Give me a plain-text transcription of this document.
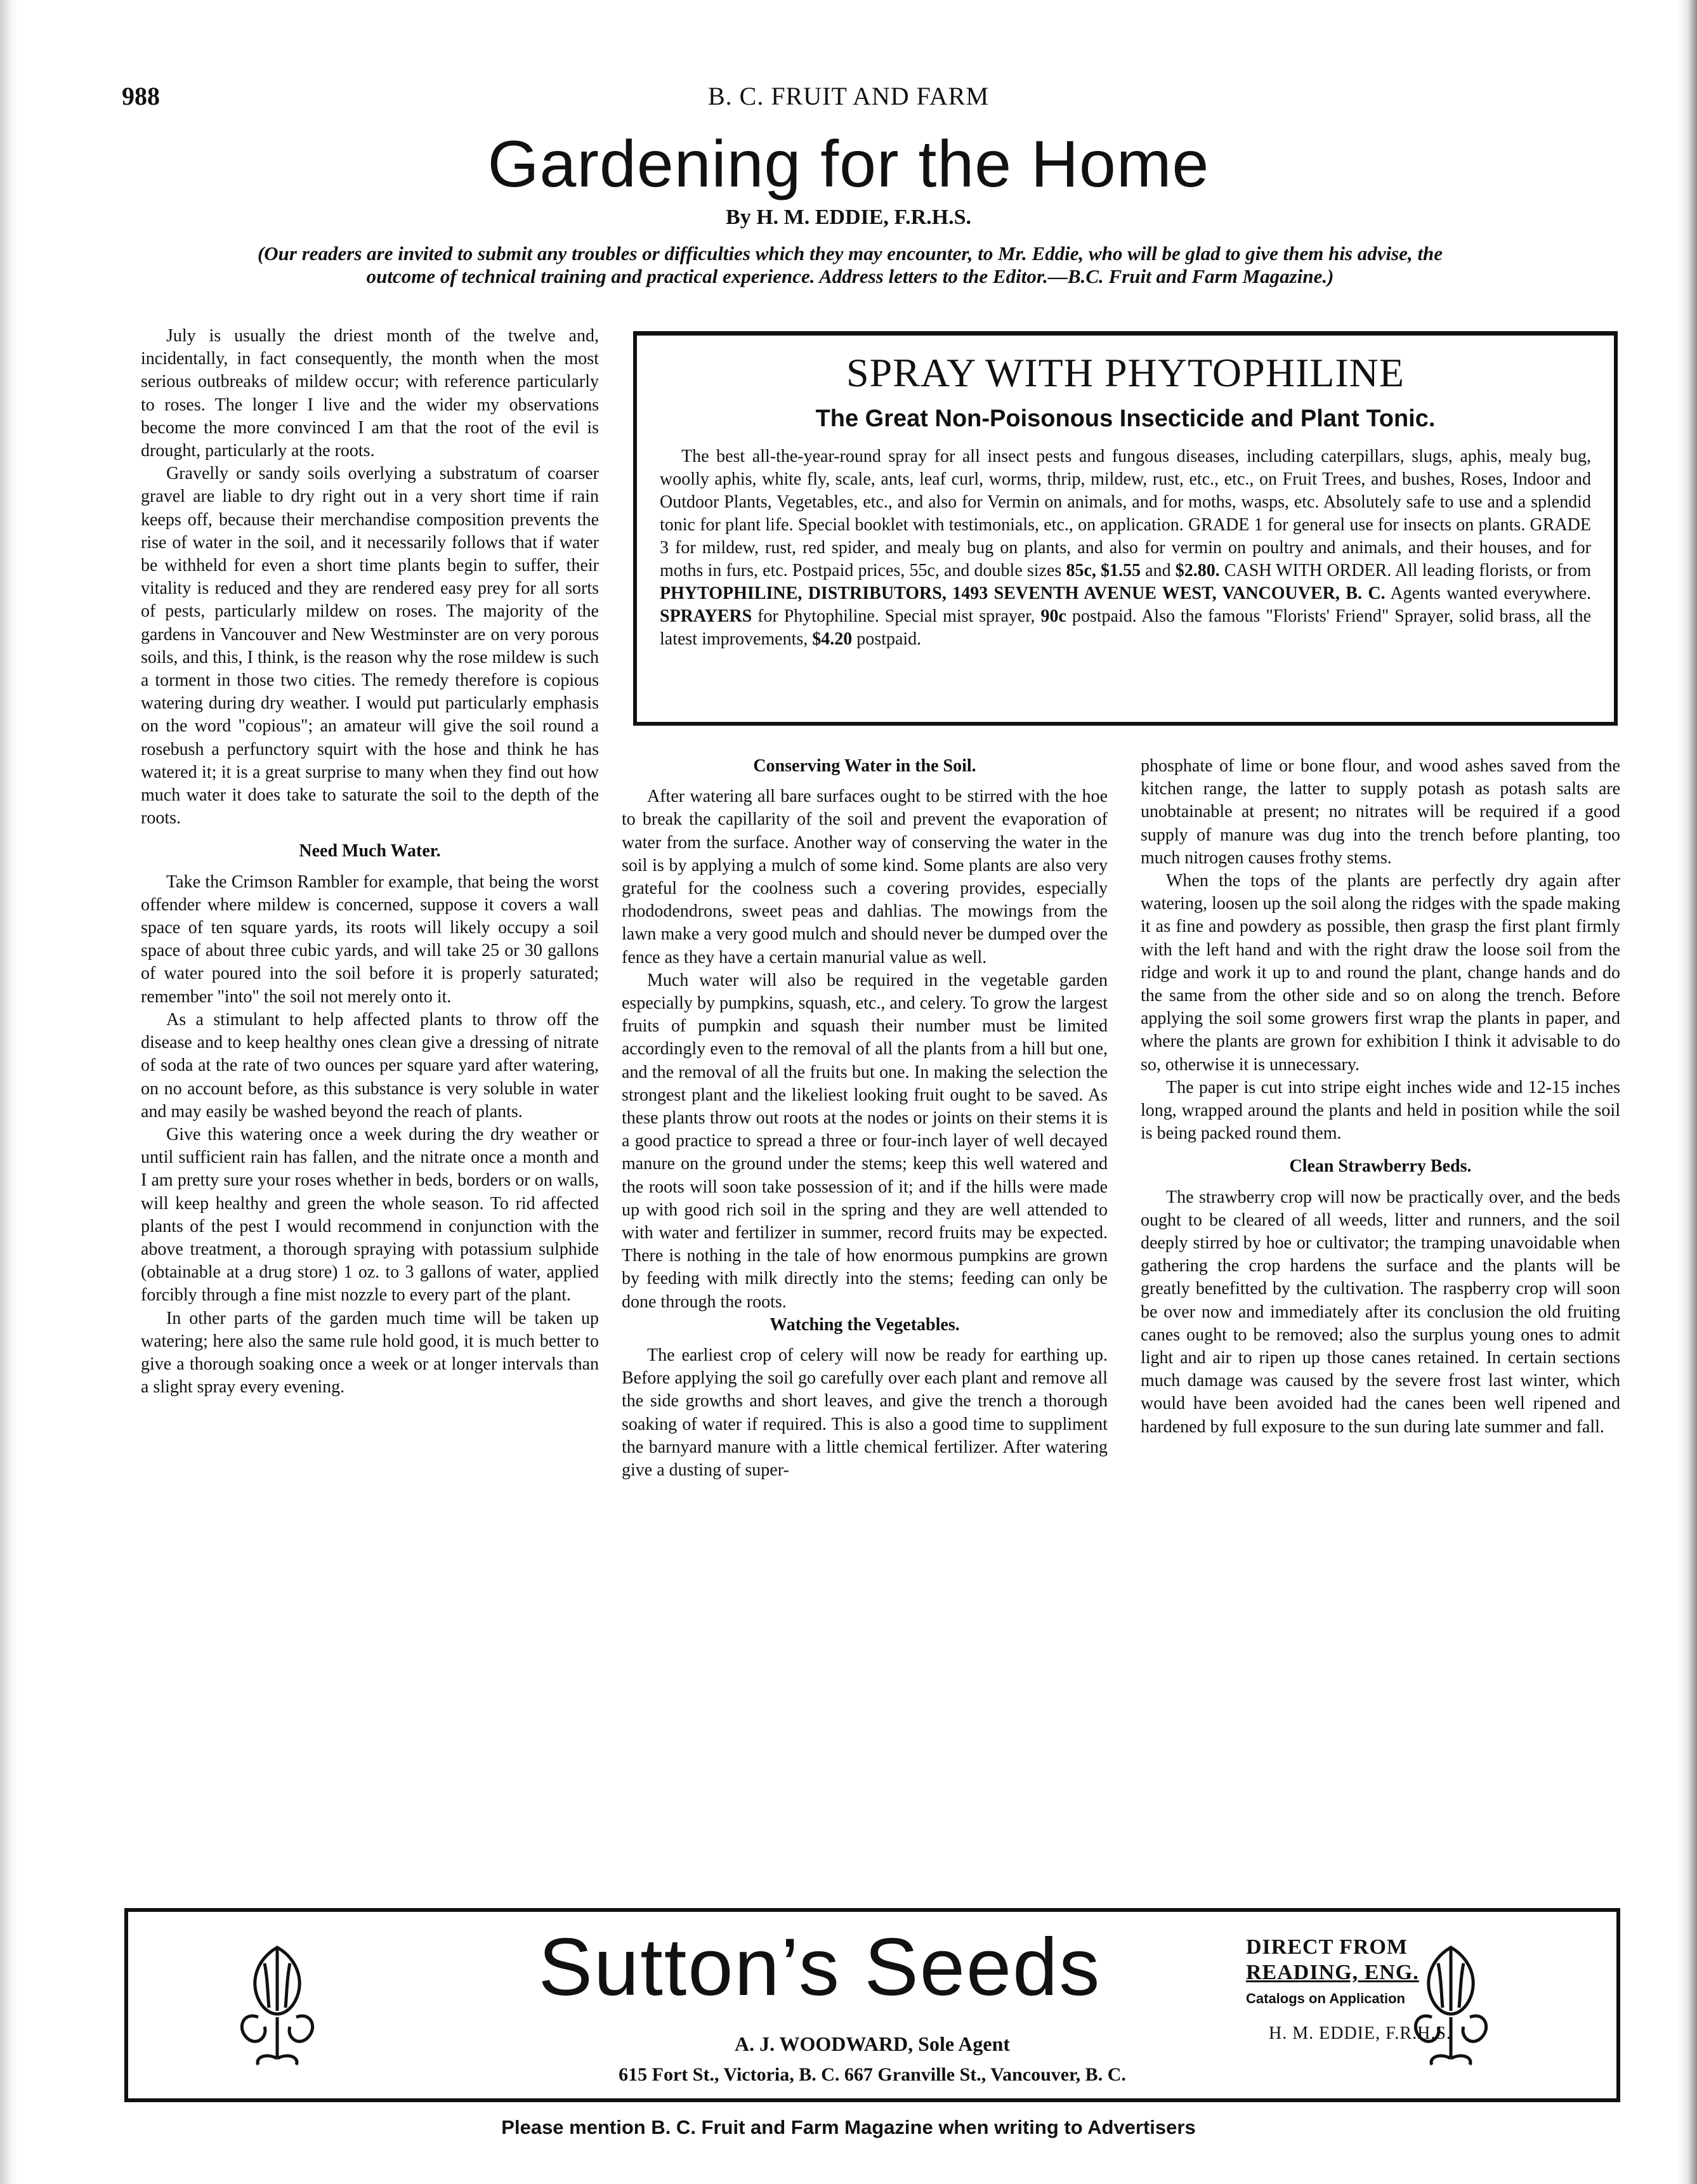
988	B. C. FRUIT AND FARM
Gardening for the Home
By H. M. EDDIE, F.R.H.S.
(Our readers are invited to submit any troubles or difficulties which they may encounter, to Mr. Eddie, who will be glad to give them his advise, the outcome of technical training and practical experience. Address letters to the Editor.—B.C. Fruit and Farm Magazine.)

July is usually the driest month of the twelve and, incidentally, in fact consequently, the month when the most serious outbreaks of mildew occur; with reference particularly to roses. The longer I live and the wider my observations become the more convinced I am that the root of the evil is drought, particularly at the roots.

Gravelly or sandy soils overlying a substratum of coarser gravel are liable to dry right out in a very short time if rain keeps off, because their merchandise composition prevents the rise of water in the soil, and it necessarily follows that if water be withheld for even a short time plants begin to suffer, their vitality is reduced and they are rendered easy prey for all sorts of pests, particularly mildew on roses. The majority of the gardens in Vancouver and New Westminster are on very porous soils, and this, I think, is the reason why the rose mildew is such a torment in those two cities. The remedy therefore is copious watering during dry weather. I would put particularly emphasis on the word "copious"; an amateur will give the soil round a rosebush a perfunctory squirt with the hose and think he has watered it; it is a great surprise to many when they find out how much water it does take to saturate the soil to the depth of the roots.

Need Much Water.

Take the Crimson Rambler for example, that being the worst offender where mildew is concerned, suppose it covers a wall space of ten square yards, its roots will likely occupy a soil space of about three cubic yards, and will take 25 or 30 gallons of water poured into the soil before it is properly saturated; remember "into" the soil not merely onto it.

As a stimulant to help affected plants to throw off the disease and to keep healthy ones clean give a dressing of nitrate of soda at the rate of two ounces per square yard after watering, on no account before, as this substance is very soluble in water and may easily be washed beyond the reach of plants.

Give this watering once a week during the dry weather or until sufficient rain has fallen, and the nitrate once a month and I am pretty sure your roses whether in beds, borders or on walls, will keep healthy and green the whole season. To rid affected plants of the pest I would recommend in conjunction with the above treatment, a thorough spraying with potassium sulphide (obtainable at a drug store) 1 oz. to 3 gallons of water, applied forcibly through a fine mist nozzle to every part of the plant.

In other parts of the garden much time will be taken up watering; here also the same rule hold good, it is much better to give a thorough soaking once a week or at longer intervals than a slight spray every evening.

SPRAY WITH PHYTOPHILINE
The Great Non-Poisonous Insecticide and Plant Tonic.
The best all-the-year-round spray for all insect pests and fungous diseases, including caterpillars, slugs, aphis, mealy bug, woolly aphis, white fly, scale, ants, leaf curl, worms, thrip, mildew, rust, etc., etc., on Fruit Trees, and bushes, Roses, Indoor and Outdoor Plants, Vegetables, etc., and also for Vermin on animals, and for moths, wasps, etc. Absolutely safe to use and a splendid tonic for plant life. Special booklet with testimonials, etc., on application. GRADE 1 for general use for insects on plants. GRADE 3 for mildew, rust, red spider, and mealy bug on plants, and also for vermin on poultry and animals, and their houses, and for moths in furs, etc. Postpaid prices, 55c, and double sizes 85c, $1.55 and $2.80. CASH WITH ORDER. All leading florists, or from PHYTOPHILINE, DISTRIBUTORS, 1493 SEVENTH AVENUE WEST, VANCOUVER, B. C. Agents wanted everywhere. SPRAYERS for Phytophiline. Special mist sprayer, 90c postpaid. Also the famous "Florists' Friend" Sprayer, solid brass, all the latest improvements, $4.20 postpaid.
Conserving Water in the Soil.

After watering all bare surfaces ought to be stirred with the hoe to break the capillarity of the soil and prevent the evaporation of water from the surface. Another way of conserving the water in the soil is by applying a mulch of some kind. Some plants are also very grateful for the coolness such a covering provides, especially rhododendrons, sweet peas and dahlias. The mowings from the lawn make a very good mulch and should never be dumped over the fence as they have a certain manurial value as well.

Much water will also be required in the vegetable garden especially by pumpkins, squash, etc., and celery. To grow the largest fruits of pumpkin and squash their number must be limited accordingly even to the removal of all the plants from a hill but one, and the removal of all the fruits but one. In making the selection the strongest plant and the likeliest looking fruit ought to be saved. As these plants throw out roots at the nodes or joints on their stems it is a good practice to spread a three or four-inch layer of well decayed manure on the ground under the stems; keep this well watered and the roots will soon take possession of it; and if the hills were made up with good rich soil in the spring and they are well attended to with water and fertilizer in summer, record fruits may be expected. There is nothing in the tale of how enormous pumpkins are grown by feeding with milk directly into the stems; feeding can only be done through the roots.

Watching the Vegetables.

The earliest crop of celery will now be ready for earthing up. Before applying the soil go carefully over each plant and remove all the side growths and short leaves, and give the trench a thorough soaking of water if required. This is also a good time to suppliment the barnyard manure with a little chemical fertilizer. After watering give a dusting of super-

phosphate of lime or bone flour, and wood ashes saved from the kitchen range, the latter to supply potash as potash salts are unobtainable at present; no nitrates will be required if a good supply of manure was dug into the trench before planting, too much nitrogen causes frothy stems.

When the tops of the plants are perfectly dry again after watering, loosen up the soil along the ridges with the spade making it as fine and powdery as possible, then grasp the first plant firmly with the left hand and with the right draw the loose soil from the ridge and work it up to and round the plant, change hands and do the same from the other side and so on along the trench. Before applying the soil some growers first wrap the plants in paper, and where the plants are grown for exhibition I think it advisable to do so, otherwise it is unnecessary.

The paper is cut into stripe eight inches wide and 12-15 inches long, wrapped around the plants and held in position while the soil is being packed round them.

Clean Strawberry Beds.

The strawberry crop will now be practically over, and the beds ought to be cleared of all weeds, litter and runners, and the soil deeply stirred by hoe or cultivator; the tramping unavoidable when gathering the crop hardens the surface and the plants will be greatly benefitted by the cultivation. The raspberry crop will soon be over now and immediately after its conclusion the old fruiting canes ought to be removed; also the surplus young ones to admit light and air to ripen up those canes retained. In certain sections much damage was caused by the severe frost last winter, which would have been avoided had the canes been well ripened and hardened by full exposure to the sun during late summer and fall.

H. M. EDDIE, F.R.H.S.
Sutton’s Seeds	DIRECT FROM
READING, ENG.
Catalogs on Application
A. J. WOODWARD, Sole Agent
615 Fort St., Victoria, B. C. 667 Granville St., Vancouver, B. C.
Please mention B. C. Fruit and Farm Magazine when writing to Advertisers
